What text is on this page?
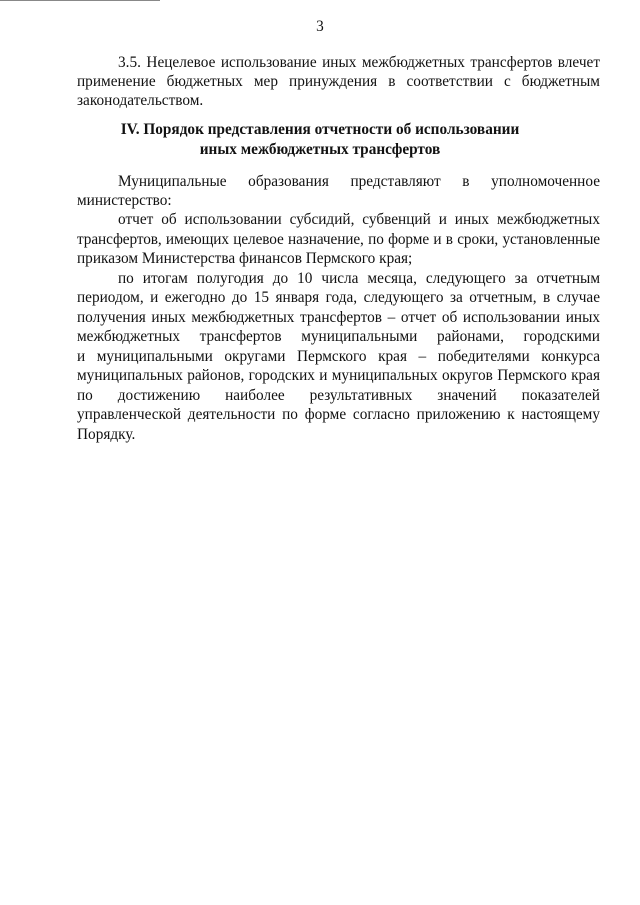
3
3.5. Нецелевое использование иных межбюджетных трансфертов влечет
применение бюджетных мер принуждения в соответствии с бюджетным
законодательством.
IV. Порядок представления отчетности об использовании
иных межбюджетных трансфертов
Муниципальные образования представляют в уполномоченное
министерство:
отчет об использовании субсидий, субвенций и иных межбюджетных
трансфертов, имеющих целевое назначение, по форме и в сроки, установленные
приказом Министерства финансов Пермского края;
по итогам полугодия до 10 числа месяца, следующего за отчетным
периодом, и ежегодно до 15 января года, следующего за отчетным, в случае
получения иных межбюджетных трансфертов – отчет об использовании иных
межбюджетных трансфертов муниципальными районами, городскими
и муниципальными округами Пермского края – победителями конкурса
муниципальных районов, городских и муниципальных округов Пермского края
по достижению наиболее результативных значений показателей
управленческой деятельности по форме согласно приложению к настоящему
Порядку.
